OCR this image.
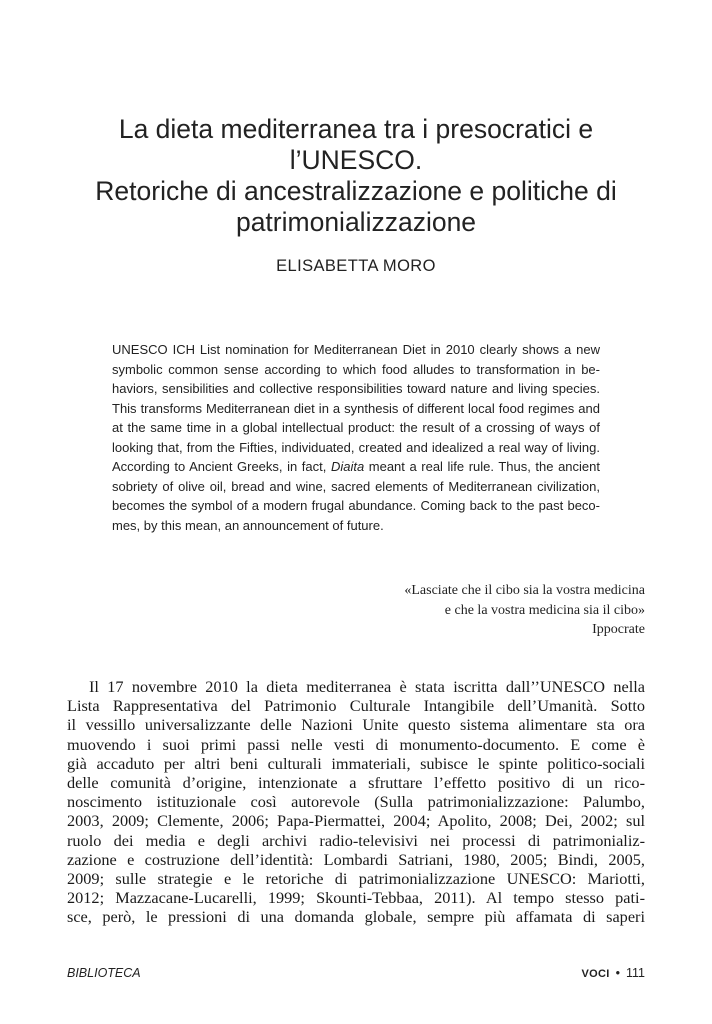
La dieta mediterranea tra i presocratici e
l’UNESCO.
Retoriche di ancestralizzazione e politiche di
patrimonializzazione
ELISABETTA MORO
UNESCO ICH List nomination for Mediterranean Diet in 2010 clearly shows a new
symbolic common sense according to which food alludes to transformation in be-
haviors, sensibilities and collective responsibilities toward nature and living species.
This transforms Mediterranean diet in a synthesis of different local food regimes and
at the same time in a global intellectual product: the result of a crossing of ways of
looking that, from the Fifties, individuated, created and idealized a real way of living.
According to Ancient Greeks, in fact, Diaita meant a real life rule. Thus, the ancient
sobriety of olive oil, bread and wine, sacred elements of Mediterranean civilization,
becomes the symbol of a modern frugal abundance. Coming back to the past becо-
mes, by this mean, an announcement of future.
«Lasciate che il cibo sia la vostra medicina
e che la vostra medicina sia il cibo»
Ippocrate
Il 17 novembre 2010 la dieta mediterranea è stata iscritta dall’’UNESCO nella
Lista Rappresentativa del Patrimonio Culturale Intangibile dell’Umanità. Sotto
il vessillo universalizzante delle Nazioni Unite questo sistema alimentare sta ora
muovendo i suoi primi passi nelle vesti di monumento-documento. E come è
già accaduto per altri beni culturali immateriali, subisce le spinte politico-sociali
delle comunità d’origine, intenzionate a sfruttare l’effetto positivo di un rico-
noscimento istituzionale così autorevole (Sulla patrimonializzazione: Palumbo,
2003, 2009; Clemente, 2006; Papa-Piermattei, 2004; Apolito, 2008; Dei, 2002; sul
ruolo dei media e degli archivi radio-televisivi nei processi di patrimonializ-
zazione e costruzione dell’identità: Lombardi Satriani, 1980, 2005; Bindi, 2005,
2009; sulle strategie e le retoriche di patrimonializzazione UNESCO: Mariotti,
2012; Mazzacane-Lucarelli, 1999; Skounti-Tebbaa, 2011). Al tempo stesso pati-
sce, però, le pressioni di una domanda globale, sempre più affamata di saperi
BIBLIOTECA	VOCI • 111
